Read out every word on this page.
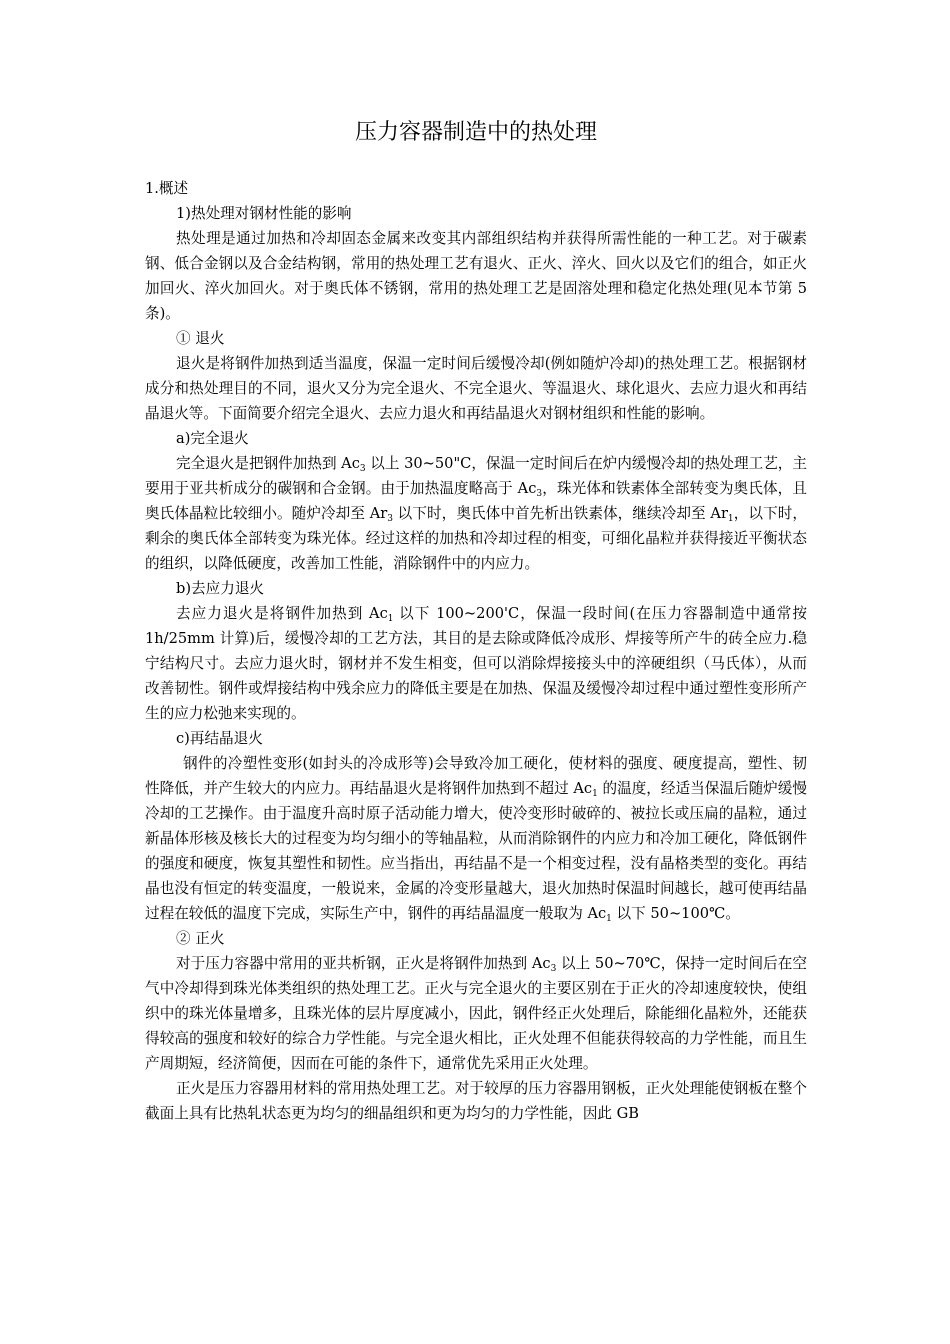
压力容器制造中的热处理

1.概述

1)热处理对钢材性能的影响

热处理是通过加热和冷却固态金属来改变其内部组织结构并获得所需性能的一种工艺。对于碳素钢、低合金钢以及合金结构钢，常用的热处理工艺有退火、正火、淬火、回火以及它们的组合，如正火加回火、淬火加回火。对于奥氏体不锈钢，常用的热处理工艺是固溶处理和稳定化热处理(见本节第 5 条)。

① 退火

退火是将钢件加热到适当温度，保温一定时间后缓慢冷却(例如随炉冷却)的热处理工艺。根据钢材成分和热处理目的不同，退火又分为完全退火、不完全退火、等温退火、球化退火、去应力退火和再结晶退火等。下面简要介绍完全退火、去应力退火和再结晶退火对钢材组织和性能的影响。

a)完全退火

完全退火是把钢件加热到 $Ac_3$ 以上 30~50"C，保温一定时间后在炉内缓慢冷却的热处理工艺，主要用于亚共析成分的碳钢和合金钢。由于加热温度略高于 $Ac_3$，珠光体和铁素体全部转变为奥氏体，且奥氏体晶粒比较细小。随炉冷却至 $Ar_3$ 以下时，奥氏体中首先析出铁素体，继续冷却至 $Ar_1$，以下时，剩余的奥氏体全部转变为珠光体。经过这样的加热和冷却过程的相变，可细化晶粒并获得接近平衡状态的组织，以降低硬度，改善加工性能，消除钢件中的内应力。

b)去应力退火

去应力退火是将钢件加热到 $Ac_1$ 以下 100~200'C，保温一段时间(在压力容器制造中通常按 1h/25mm 计算)后，缓慢冷却的工艺方法，其目的是去除或降低冷成形、焊接等所产牛的砖全应力.稳宁结构尺寸。去应力退火时，钢材并不发生相变，但可以消除焊接接头中的淬硬组织（马氏体），从而改善韧性。钢件或焊接结构中残余应力的降低主要是在加热、保温及缓慢冷却过程中通过塑性变形所产生的应力松弛来实现的。

c)再结晶退火

钢件的冷塑性变形(如封头的冷成形等)会导致冷加工硬化，使材料的强度、硬度提高，塑性、韧性降低，并产生较大的内应力。再结晶退火是将钢件加热到不超过 $Ac_1$ 的温度，经适当保温后随炉缓慢冷却的工艺操作。由于温度升高时原子活动能力增大，使冷变形时破碎的、被拉长或压扁的晶粒，通过新晶体形核及核长大的过程变为均匀细小的等轴晶粒，从而消除钢件的内应力和冷加工硬化，降低钢件的强度和硬度，恢复其塑性和韧性。应当指出，再结晶不是一个相变过程，没有晶格类型的变化。再结晶也没有恒定的转变温度，一般说来，金属的冷变形量越大，退火加热时保温时间越长，越可使再结晶过程在较低的温度下完成，实际生产中，钢件的再结晶温度一般取为 $Ac_1$ 以下 50~100℃。

② 正火

对于压力容器中常用的亚共析钢，正火是将钢件加热到 $Ac_3$ 以上 50~70℃，保持一定时间后在空气中冷却得到珠光体类组织的热处理工艺。正火与完全退火的主要区别在于正火的冷却速度较快，使组织中的珠光体量增多，且珠光体的层片厚度减小，因此，钢件经正火处理后，除能细化晶粒外，还能获得较高的强度和较好的综合力学性能。与完全退火相比，正火处理不但能获得较高的力学性能，而且生产周期短，经济简便，因而在可能的条件下，通常优先采用正火处理。

正火是压力容器用材料的常用热处理工艺。对于较厚的压力容器用钢板，正火处理能使钢板在整个截面上具有比热轧状态更为均匀的细晶组织和更为均匀的力学性能，因此 GB
